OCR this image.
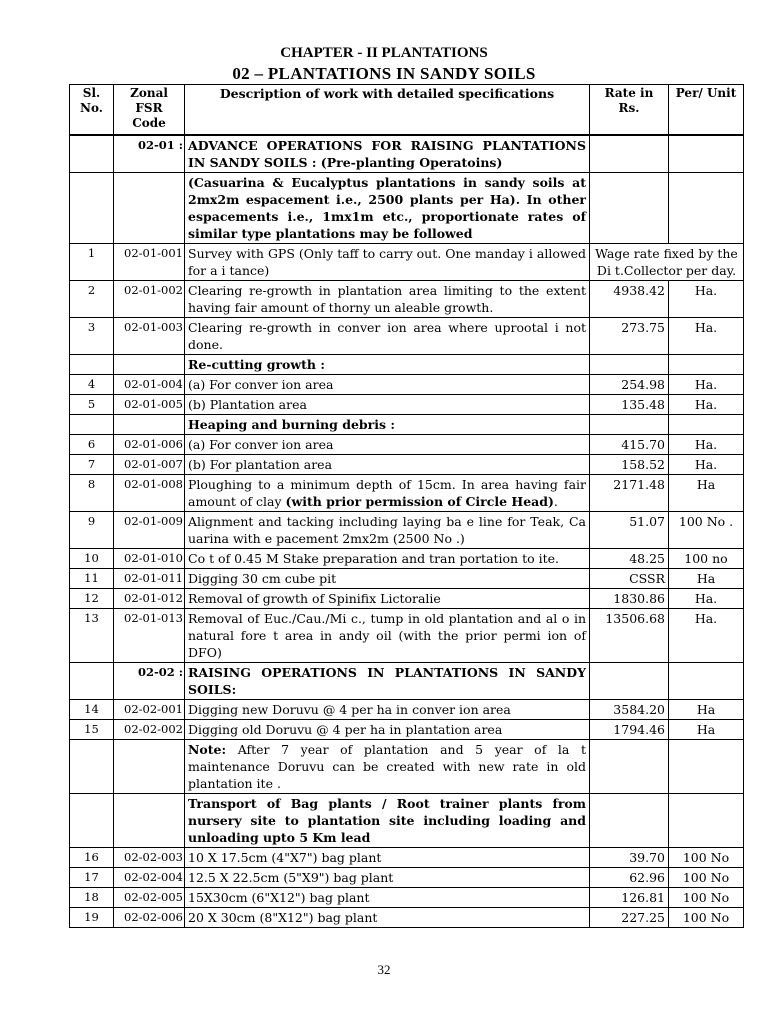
CHAPTER - II PLANTATIONS
02 – PLANTATIONS IN SANDY SOILS
Sl. No.	Zonal FSR Code	Description of work with detailed specifications	Rate in Rs.	Per/ Unit

	02-01 :	ADVANCE OPERATIONS FOR RAISING PLANTATIONS IN SANDY SOILS : (Pre-planting Operatoins)		
		(Casuarina & Eucalyptus plantations in sandy soils at 2mx2m espacement i.e., 2500 plants per Ha). In other espacements i.e., 1mx1m etc., proportionate rates of similar type plantations may be followed		
1	02-01-001	Survey with GPS (Only taff to carry out. One manday i allowed for a i tance)	Wage rate fixed by the Di t.Collector per day.	
2	02-01-002	Clearing re-growth in plantation area limiting to the extent having fair amount of thorny un aleable growth.	4938.42	Ha.
3	02-01-003	Clearing re-growth in conver ion area where uprootal i not done.	273.75	Ha.
		Re-cutting growth :		
4	02-01-004	(a) For conver ion area	254.98	Ha.
5	02-01-005	(b) Plantation area	135.48	Ha.
		Heaping and burning debris :		
6	02-01-006	(a) For conver ion area	415.70	Ha.
7	02-01-007	(b) For plantation area	158.52	Ha.
8	02-01-008	Ploughing to a minimum depth of 15cm. In area having fair amount of clay (with prior permission of Circle Head).	2171.48	Ha
9	02-01-009	Alignment and tacking including laying ba e line for Teak, Ca uarina with e pacement 2mx2m (2500 No .)	51.07	100 No .
10	02-01-010	Co t of 0.45 M Stake preparation and tran portation to ite.	48.25	100 no
11	02-01-011	Digging 30 cm cube pit	CSSR	Ha
12	02-01-012	Removal of growth of Spinifix Lictoralie	1830.86	Ha.
13	02-01-013	Removal of Euc./Cau./Mi c., tump in old plantation and al o in natural fore t area in andy oil (with the prior permi ion of DFO)	13506.68	Ha.
	02-02 :	RAISING OPERATIONS IN PLANTATIONS IN SANDY SOILS:		
14	02-02-001	Digging new Doruvu @ 4 per ha in conver ion area	3584.20	Ha
15	02-02-002	Digging old Doruvu @ 4 per ha in plantation area	1794.46	Ha
		Note: After 7 year of plantation and 5 year of la t maintenance Doruvu can be created with new rate in old plantation ite .		
		Transport of Bag plants / Root trainer plants from nursery site to plantation site including loading and unloading upto 5 Km lead		
16	02-02-003	10 X 17.5cm (4"X7") bag plant	39.70	100 No
17	02-02-004	12.5 X 22.5cm (5"X9") bag plant	62.96	100 No
18	02-02-005	15X30cm (6"X12") bag plant	126.81	100 No
19	02-02-006	20 X 30cm (8"X12") bag plant	227.25	100 No
32
